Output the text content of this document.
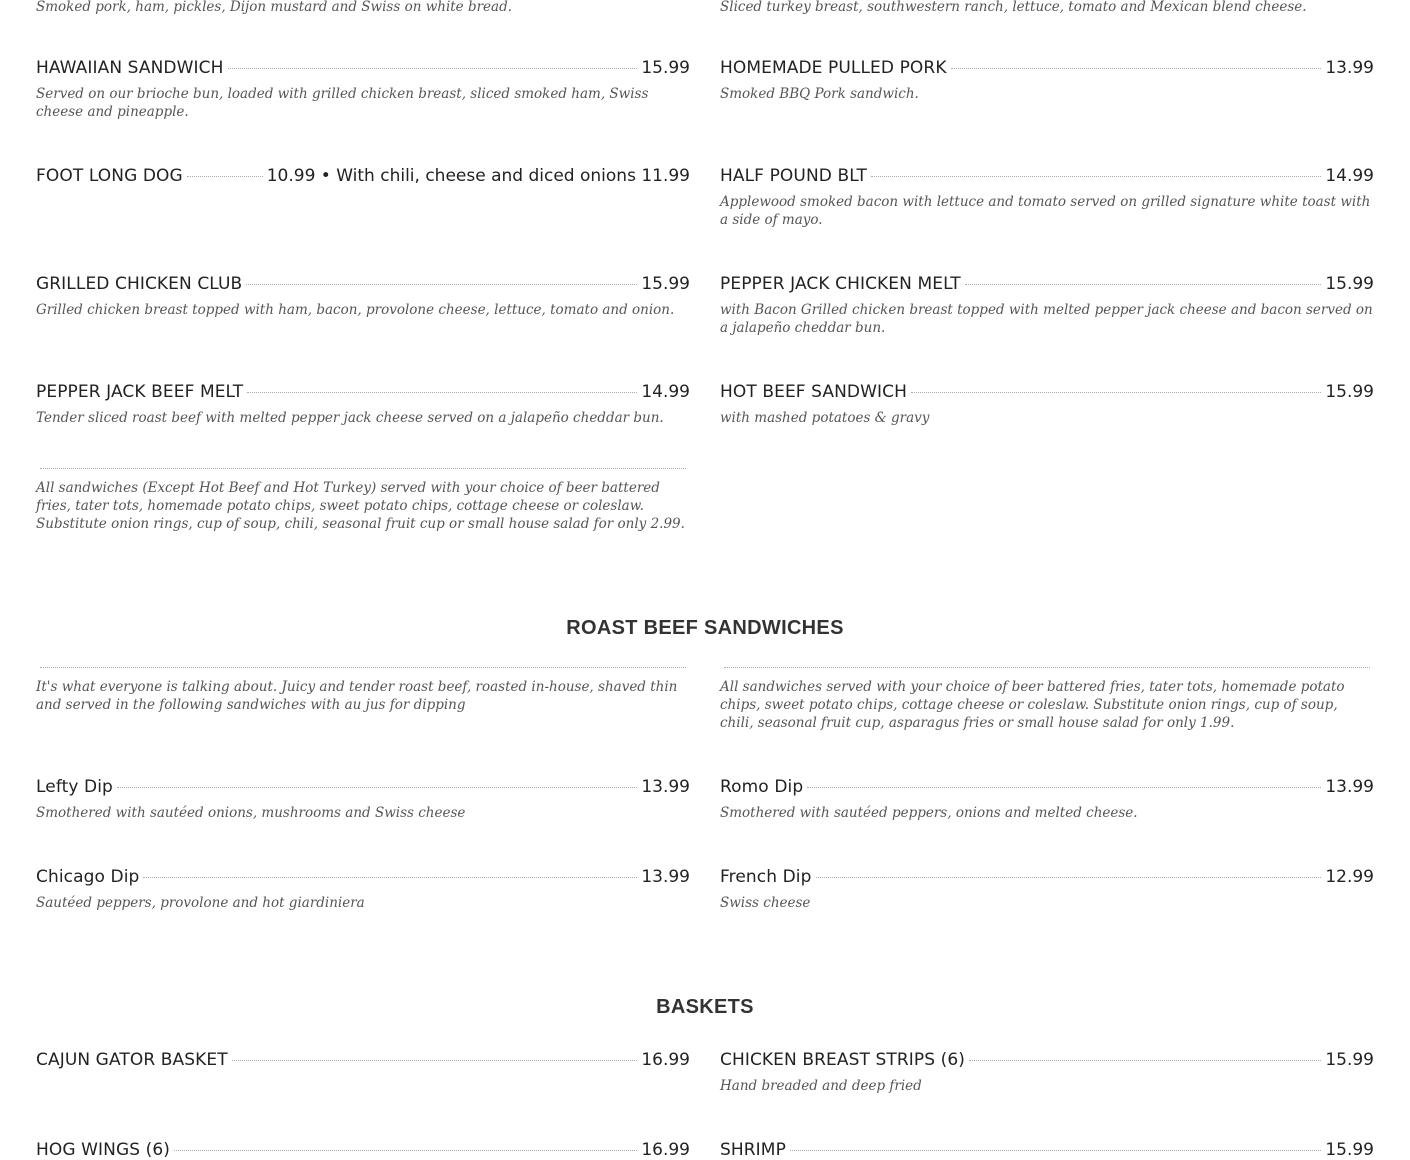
Smoked pork, ham, pickles, Dijon mustard and Swiss on white bread.	Sliced turkey breast, southwestern ranch, lettuce, tomato and Mexican blend cheese.
HAWAIIAN SANDWICH	15.99
Served on our brioche bun, loaded with grilled chicken breast, sliced smoked ham, Swiss cheese and pineapple.
FOOT LONG DOG	10.99 • With chili, cheese and diced onions 11.99
GRILLED CHICKEN CLUB	15.99
Grilled chicken breast topped with ham, bacon, provolone cheese, lettuce, tomato and onion.
PEPPER JACK BEEF MELT	14.99
Tender sliced roast beef with melted pepper jack cheese served on a jalapeño cheddar bun.
HOMEMADE PULLED PORK	13.99
Smoked BBQ Pork sandwich.
HALF POUND BLT	14.99
Applewood smoked bacon with lettuce and tomato served on grilled signature white toast with a side of mayo.
PEPPER JACK CHICKEN MELT	15.99
with Bacon Grilled chicken breast topped with melted pepper jack cheese and bacon served on a jalapeño cheddar bun.
HOT BEEF SANDWICH	15.99
with mashed potatoes & gravy
All sandwiches (Except Hot Beef and Hot Turkey) served with your choice of beer battered fries, tater tots, homemade potato chips, sweet potato chips, cottage cheese or coleslaw. Substitute onion rings, cup of soup, chili, seasonal fruit cup or small house salad for only 2.99.
ROAST BEEF SANDWICHES
It's what everyone is talking about. Juicy and tender roast beef, roasted in-house, shaved thin and served in the following sandwiches with au jus for dipping
All sandwiches served with your choice of beer battered fries, tater tots, homemade potato chips, sweet potato chips, cottage cheese or coleslaw. Substitute onion rings, cup of soup, chili, seasonal fruit cup, asparagus fries or small house salad for only 1.99.
Lefty Dip	13.99
Smothered with sautéed onions, mushrooms and Swiss cheese
Chicago Dip	13.99
Sautéed peppers, provolone and hot giardiniera
Romo Dip	13.99
Smothered with sautéed peppers, onions and melted cheese.
French Dip	12.99
Swiss cheese
BASKETS
CAJUN GATOR BASKET	16.99
HOG WINGS (6)	16.99
CHICKEN BREAST STRIPS (6)	15.99
Hand breaded and deep fried
SHRIMP	15.99
